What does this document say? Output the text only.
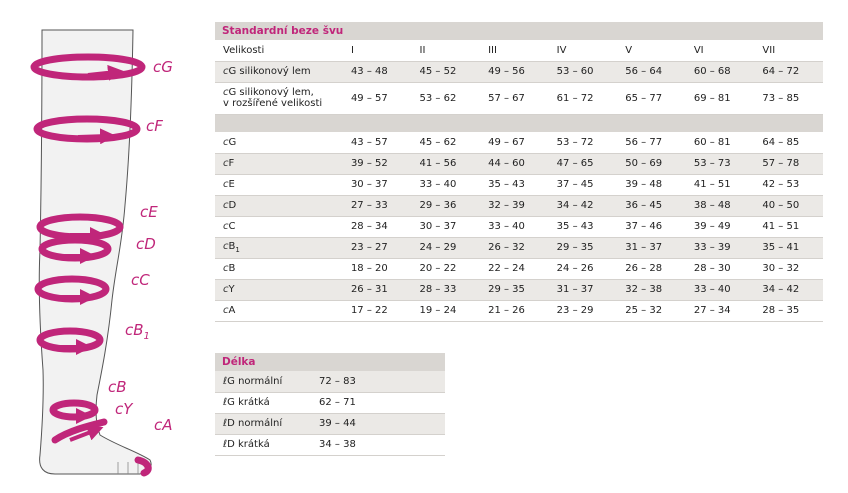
cG
cF
cE
cD
cC
$cB_1$
cB
cY
cA
Standardní beze švu							
Velikosti	I	II	III	IV	V	VI	VII
cG silikonový lem	43 – 48	45 – 52	49 – 56	53 – 60	56 – 64	60 – 68	64 – 72
cG silikonový lem,
v rozšířené velikosti	49 – 57	53 – 62	57 – 67	61 – 72	65 – 77	69 – 81	73 – 85

cG	43 – 57	45 – 62	49 – 67	53 – 72	56 – 77	60 – 81	64 – 85
cF	39 – 52	41 – 56	44 – 60	47 – 65	50 – 69	53 – 73	57 – 78
cE	30 – 37	33 – 40	35 – 43	37 – 45	39 – 48	41 – 51	42 – 53
cD	27 – 33	29 – 36	32 – 39	34 – 42	36 – 45	38 – 48	40 – 50
cC	28 – 34	30 – 37	33 – 40	35 – 43	37 – 46	39 – 49	41 – 51
$cB_1$	23 – 27	24 – 29	26 – 32	29 – 35	31 – 37	33 – 39	35 – 41
cB	18 – 20	20 – 22	22 – 24	24 – 26	26 – 28	28 – 30	30 – 32
cY	26 – 31	28 – 33	29 – 35	31 – 37	32 – 38	33 – 40	34 – 42
cA	17 – 22	19 – 24	21 – 26	23 – 29	25 – 32	27 – 34	28 – 35
Délka	
ℓG normální	72 – 83
ℓG krátká	62 – 71
ℓD normální	39 – 44
ℓD krátká	34 – 38
